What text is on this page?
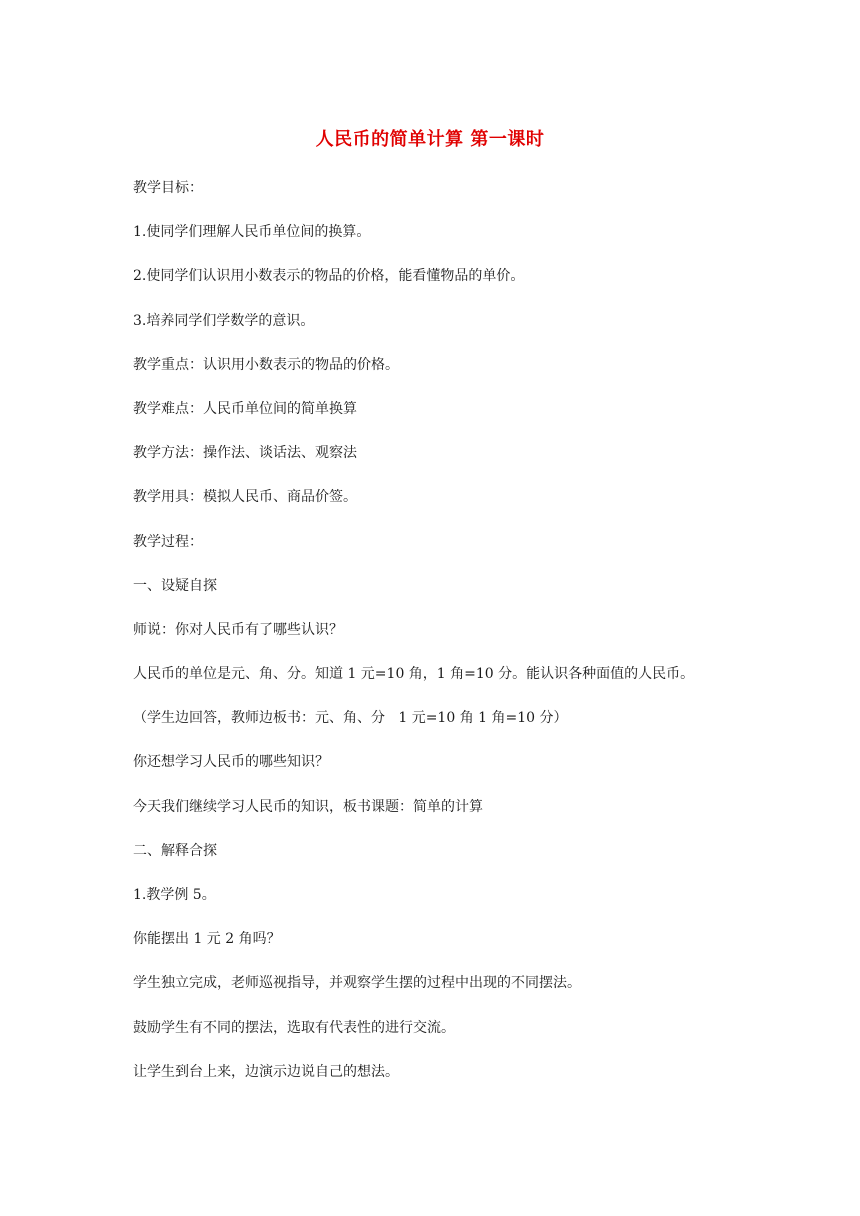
人民币的简单计算 第一课时

教学目标：

1.使同学们理解人民币单位间的换算。

2.使同学们认识用小数表示的物品的价格，能看懂物品的单价。

3.培养同学们学数学的意识。

教学重点：认识用小数表示的物品的价格。

教学难点：人民币单位间的简单换算

教学方法：操作法、谈话法、观察法

教学用具：模拟人民币、商品价签。

教学过程：

一、设疑自探

师说：你对人民币有了哪些认识？

人民币的单位是元、角、分。知道 1 元=10 角，1 角=10 分。能认识各种面值的人民币。

（学生边回答，教师边板书：元、角、分   1 元=10 角 1 角=10 分）

你还想学习人民币的哪些知识？

今天我们继续学习人民币的知识，板书课题：简单的计算

二、解释合探

1.教学例 5。

你能摆出 1 元 2 角吗？

学生独立完成，老师巡视指导，并观察学生摆的过程中出现的不同摆法。

鼓励学生有不同的摆法，选取有代表性的进行交流。

让学生到台上来，边演示边说自己的想法。
